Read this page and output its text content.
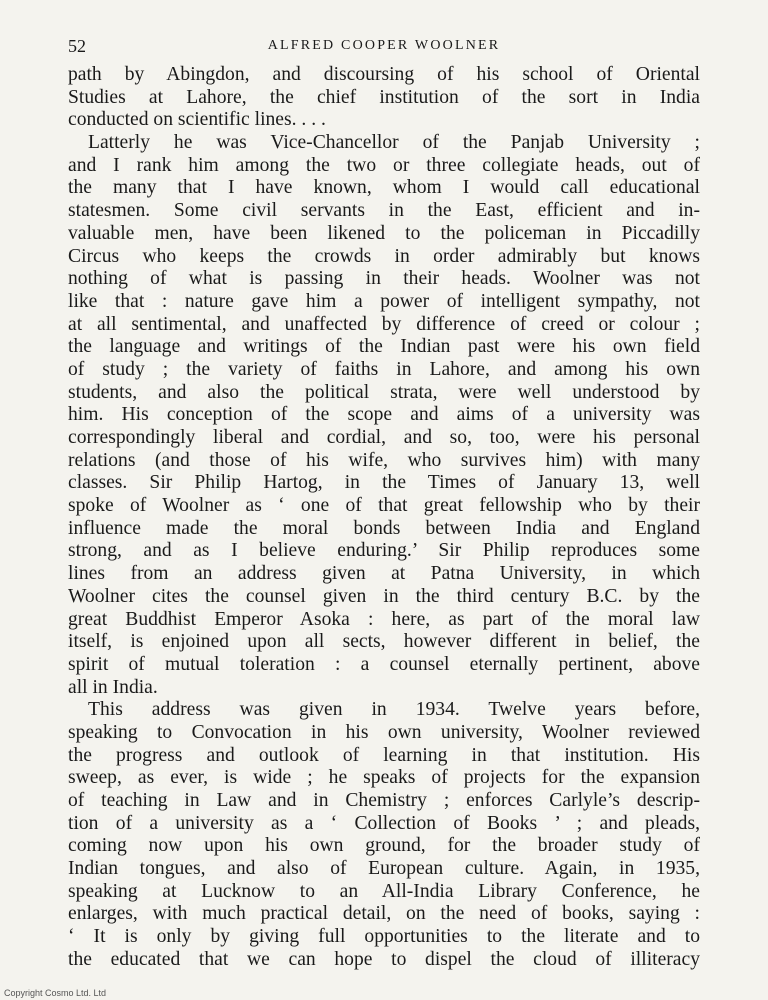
52	ALFRED COOPER WOOLNER
path by Abingdon, and discoursing of his school of Oriental
Studies at Lahore, the chief institution of the sort in India
conducted on scientific lines. . . .
Latterly he was Vice-Chancellor of the Panjab University ;
and I rank him among the two or three collegiate heads, out of
the many that I have known, whom I would call educational
statesmen. Some civil servants in the East, efficient and in-
valuable men, have been likened to the policeman in Piccadilly
Circus who keeps the crowds in order admirably but knows
nothing of what is passing in their heads. Woolner was not
like that : nature gave him a power of intelligent sympathy, not
at all sentimental, and unaffected by difference of creed or colour ;
the language and writings of the Indian past were his own field
of study ; the variety of faiths in Lahore, and among his own
students, and also the political strata, were well understood by
him. His conception of the scope and aims of a university was
correspondingly liberal and cordial, and so, too, were his personal
relations (and those of his wife, who survives him) with many
classes. Sir Philip Hartog, in the Times of January 13, well
spoke of Woolner as ‘ one of that great fellowship who by their
influence made the moral bonds between India and England
strong, and as I believe enduring.’ Sir Philip reproduces some
lines from an address given at Patna University, in which
Woolner cites the counsel given in the third century B.C. by the
great Buddhist Emperor Asoka : here, as part of the moral law
itself, is enjoined upon all sects, however different in belief, the
spirit of mutual toleration : a counsel eternally pertinent, above
all in India.
This address was given in 1934. Twelve years before,
speaking to Convocation in his own university, Woolner reviewed
the progress and outlook of learning in that institution. His
sweep, as ever, is wide ; he speaks of projects for the expansion
of teaching in Law and in Chemistry ; enforces Carlyle’s descrip-
tion of a university as a ‘ Collection of Books ’ ; and pleads,
coming now upon his own ground, for the broader study of
Indian tongues, and also of European culture. Again, in 1935,
speaking at Lucknow to an All-India Library Conference, he
enlarges, with much practical detail, on the need of books, saying :
‘ It is only by giving full opportunities to the literate and to
the educated that we can hope to dispel the cloud of illiteracy
Copyright Cosmo Ltd. Ltd
